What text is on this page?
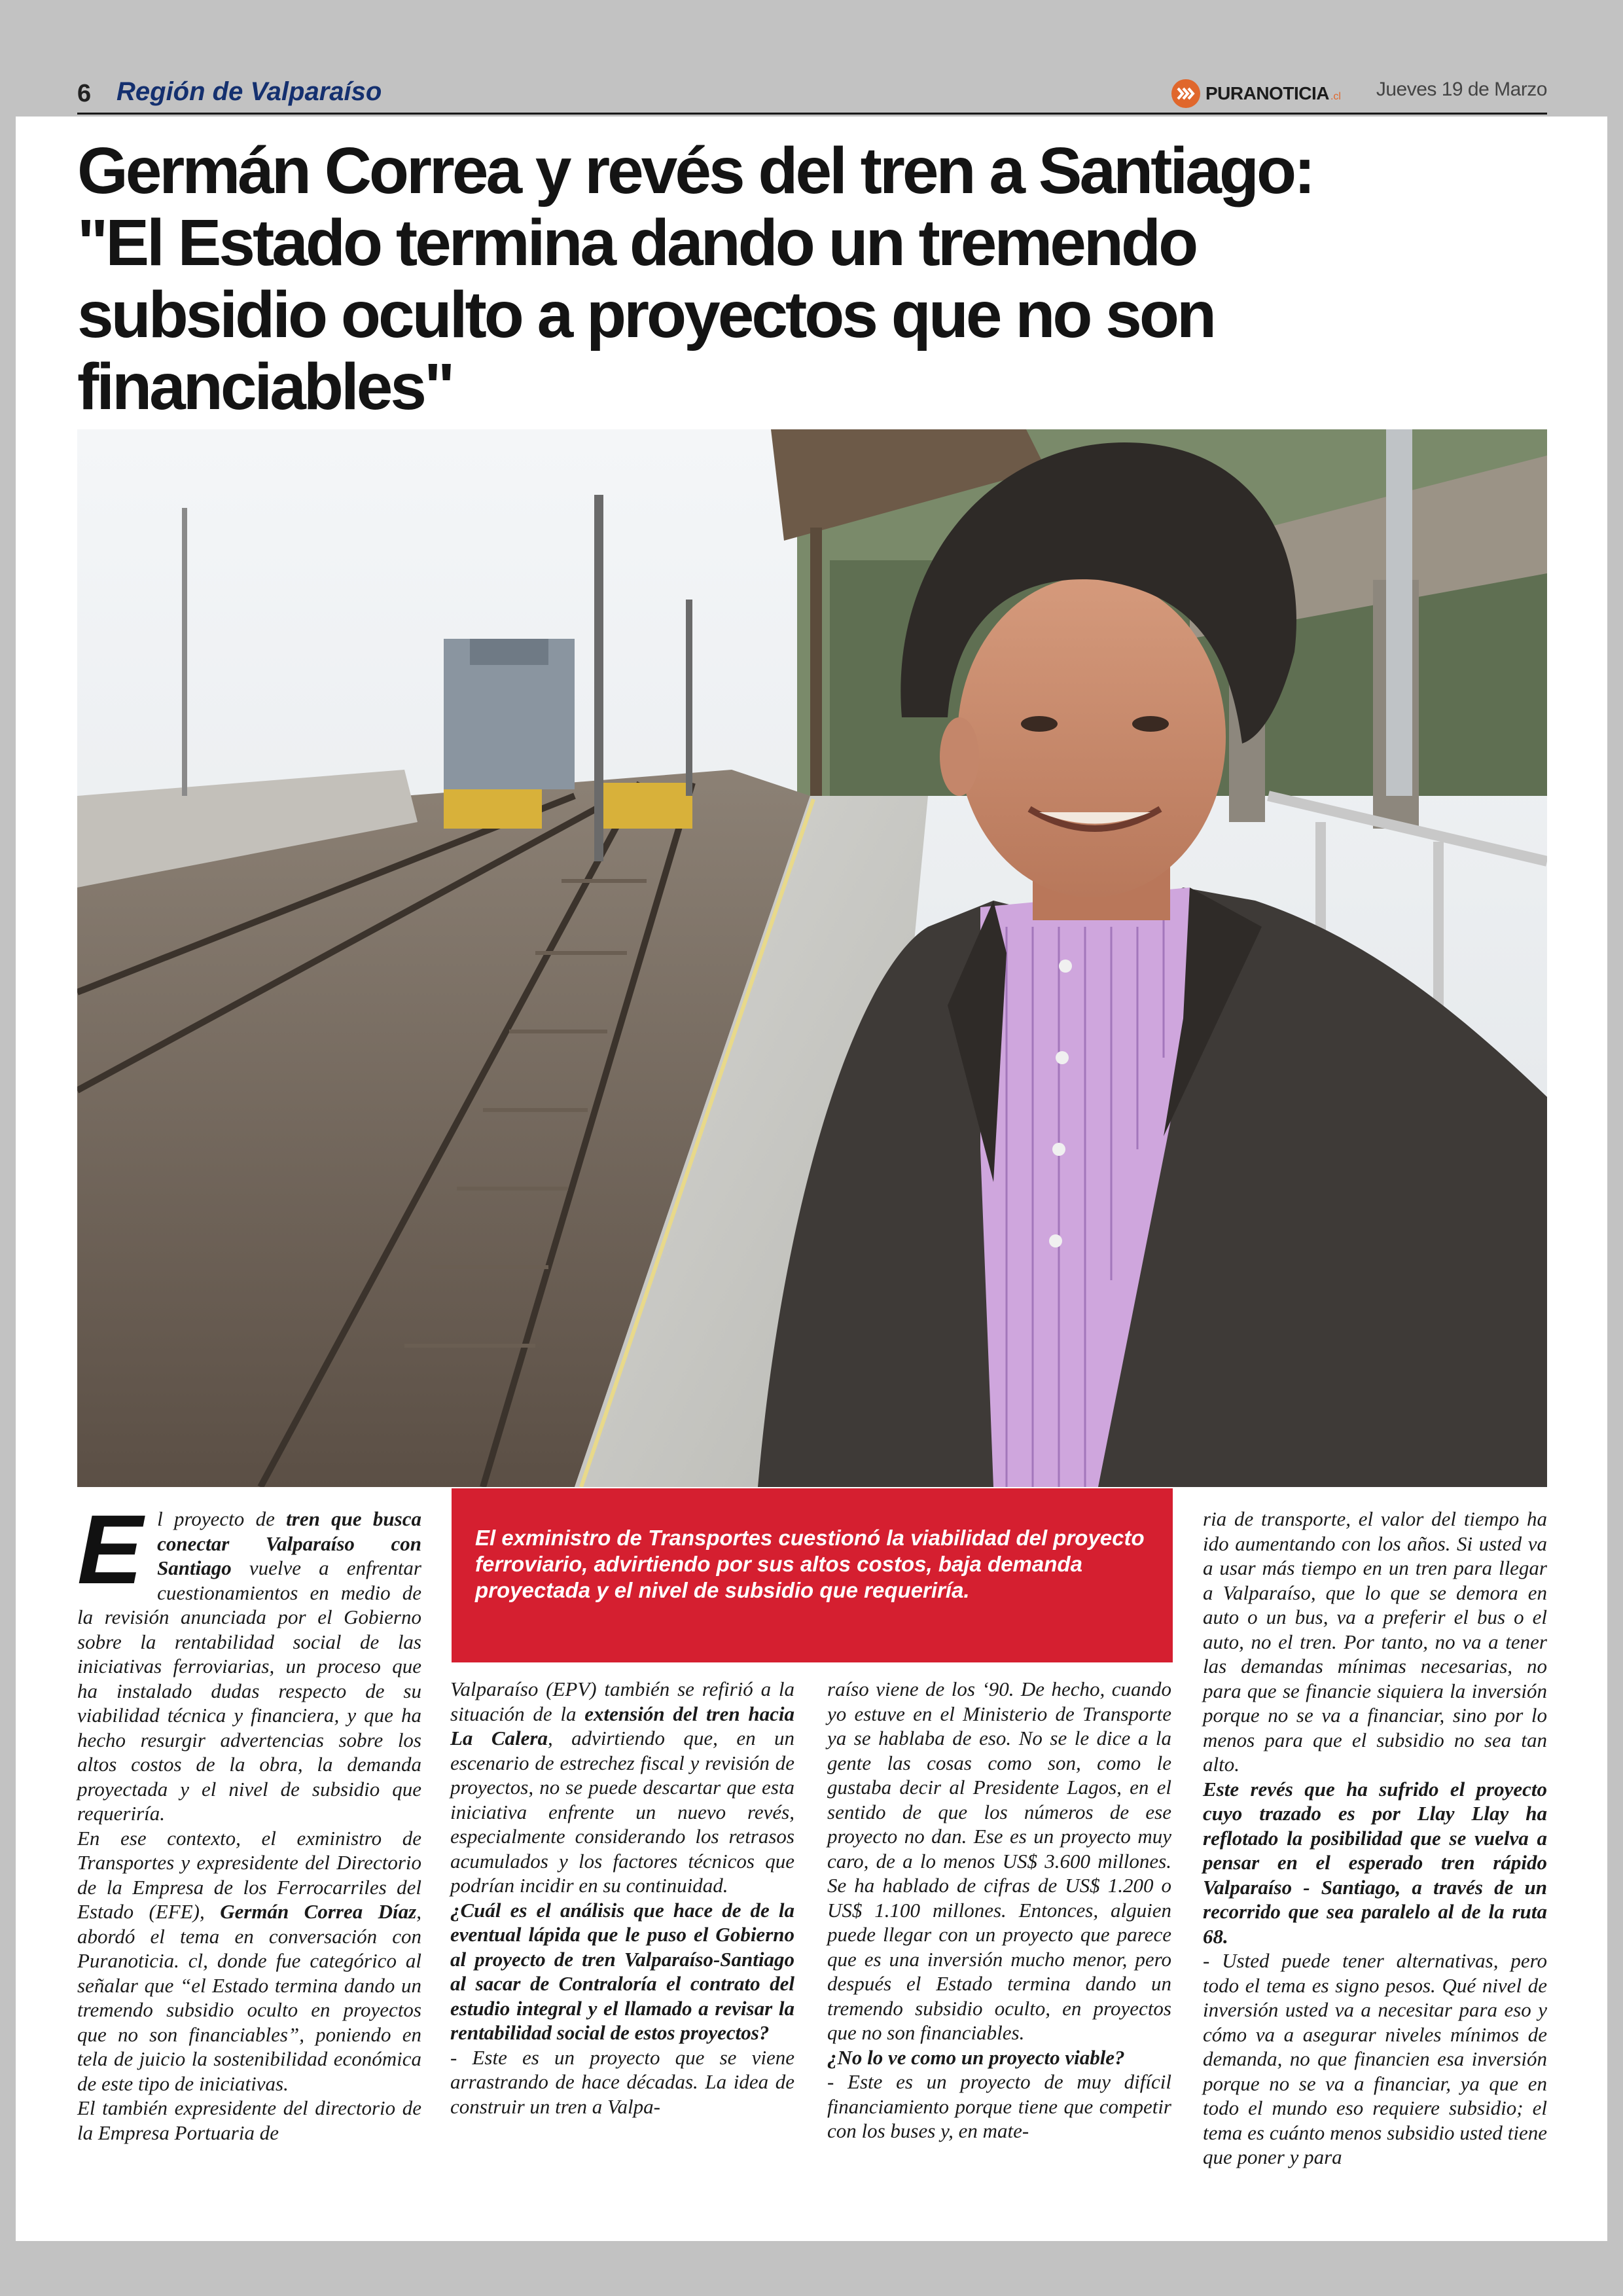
6 Región de Valparaíso	PURANOTICIA .cl Jueves 19 de Marzo
Germán Correa y revés del tren a Santiago:
"El Estado termina dando un tremendo
subsidio oculto a proyectos que no son
financiables"
El exministro de Transportes cuestionó la viabilidad del proyecto ferroviario, advirtiendo por sus altos costos, baja demanda proyectada y el nivel de subsidio que requeriría.

El proyecto de tren que busca conectar Valparaíso con Santiago vuelve a enfrentar cuestionamientos en medio de la revisión anunciada por el Gobierno sobre la rentabilidad social de las iniciativas ferroviarias, un proceso que ha instalado dudas respecto de su viabilidad técnica y financiera, y que ha hecho resurgir advertencias sobre los altos costos de la obra, la demanda proyectada y el nivel de subsidio que requeriría.

En ese contexto, el exministro de Transportes y expresidente del Directorio de la Empresa de los Ferrocarriles del Estado (EFE), Germán Correa Díaz, abordó el tema en conversación con Puranoticia. cl, donde fue categórico al señalar que “el Estado termina dando un tremendo subsidio oculto en proyectos que no son financiables”, poniendo en tela de juicio la sostenibilidad económica de este tipo de iniciativas.

El también expresidente del directorio de la Empresa Portuaria de

Valparaíso (EPV) también se refirió a la situación de la extensión del tren hacia La Calera, advirtiendo que, en un escenario de estrechez fiscal y revisión de proyectos, no se puede descartar que esta iniciativa enfrente un nuevo revés, especialmente considerando los retrasos acumulados y los factores técnicos que podrían incidir en su continuidad.

¿Cuál es el análisis que hace de de la eventual lápida que le puso el Gobierno al proyecto de tren Valparaíso-Santiago al sacar de Contraloría el contrato del estudio integral y el llamado a revisar la rentabilidad social de estos proyectos?

- Este es un proyecto que se viene arrastrando de hace décadas. La idea de construir un tren a Valpa-

raíso viene de los ‘90. De hecho, cuando yo estuve en el Ministerio de Transporte ya se hablaba de eso. No se le dice a la gente las cosas como son, como le gustaba decir al Presidente Lagos, en el sentido de que los números de ese proyecto no dan. Ese es un proyecto muy caro, de a lo menos US$ 3.600 millones. Se ha hablado de cifras de US$ 1.200 o US$ 1.100 millones. Entonces, alguien puede llegar con un proyecto que parece que es una inversión mucho menor, pero después el Estado termina dando un tremendo subsidio oculto, en proyectos que no son financiables.

¿No lo ve como un proyecto viable?

- Este es un proyecto de muy difícil financiamiento porque tiene que competir con los buses y, en mate-

ria de transporte, el valor del tiempo ha ido aumentando con los años. Si usted va a usar más tiempo en un tren para llegar a Valparaíso, que lo que se demora en auto o un bus, va a preferir el bus o el auto, no el tren. Por tanto, no va a tener las demandas mínimas necesarias, no para que se financie siquiera la inversión porque no se va a financiar, sino por lo menos para que el subsidio no sea tan alto.

Este revés que ha sufrido el proyecto cuyo trazado es por Llay Llay ha reflotado la posibilidad que se vuelva a pensar en el esperado tren rápido Valparaíso - Santiago, a través de un recorrido que sea paralelo al de la ruta 68.

- Usted puede tener alternativas, pero todo el tema es signo pesos. Qué nivel de inversión usted va a necesitar para eso y cómo va a asegurar niveles mínimos de demanda, no que financien esa inversión porque no se va a financiar, ya que en todo el mundo eso requiere subsidio; el tema es cuánto menos subsidio usted tiene que poner y para
